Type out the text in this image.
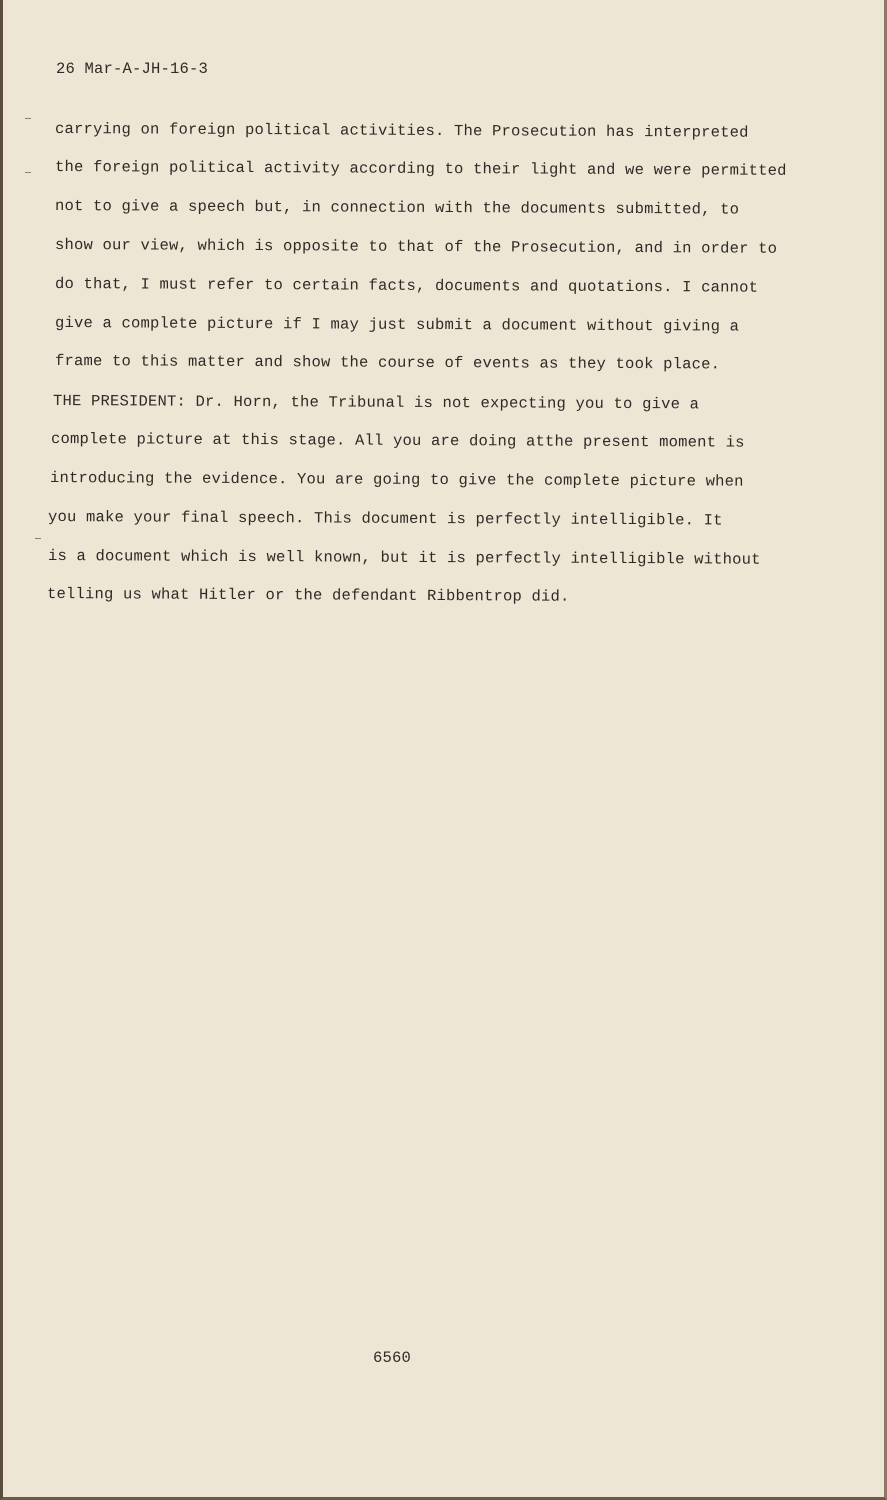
26 Mar-A-JH-16-3
carrying on foreign political activities. The Prosecution has interpreted
the foreign political activity according to their light and we were permitted
not to give a speech but, in connection with the documents submitted, to
show our view, which is opposite to that of the Prosecution, and in order to
do that, I must refer to certain facts, documents and quotations. I cannot
give a complete picture if I may just submit a document without giving a
frame to this matter and show the course of events as they took place.
THE PRESIDENT: Dr. Horn, the Tribunal is not expecting you to give a
complete picture at this stage. All you are doing atthe present moment is
introducing the evidence. You are going to give the complete picture when
you make your final speech. This document is perfectly intelligible. It
is a document which is well known, but it is perfectly intelligible without
telling us what Hitler or the defendant Ribbentrop did.
6560
